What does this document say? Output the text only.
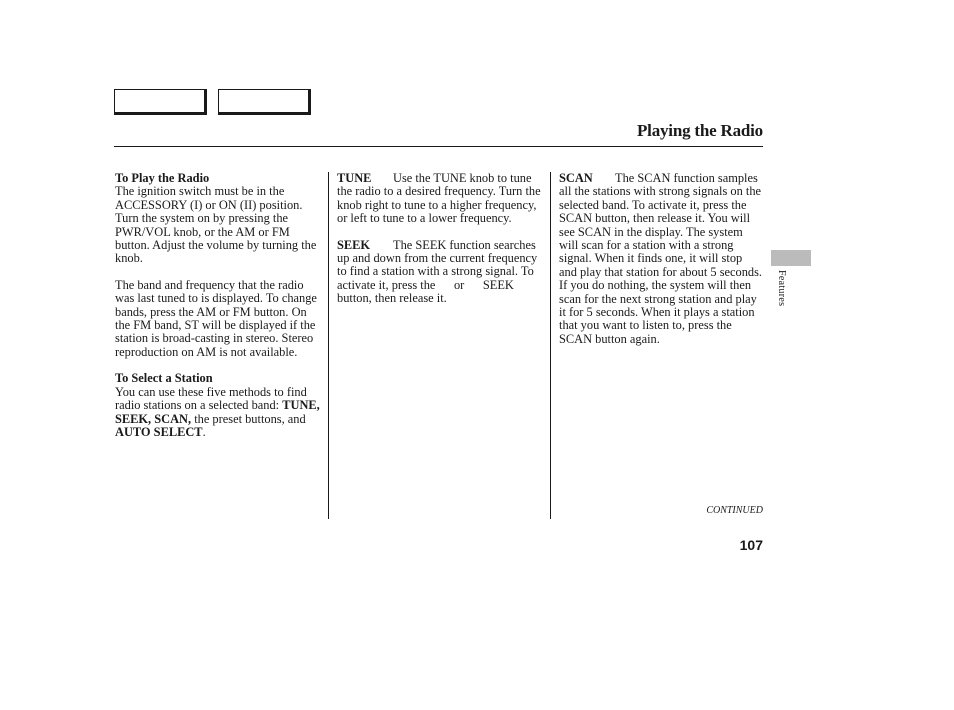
Playing the Radio

To Play the Radio
The ignition switch must be in the ACCESSORY (I) or ON (II) position. Turn the system on by pressing the PWR/VOL knob, or the AM or FM button. Adjust the volume by turning the knob.

The band and frequency that the radio was last tuned to is displayed. To change bands, press the AM or FM button. On the FM band, ST will be displayed if the station is broad-casting in stereo. Stereo reproduction on AM is not available.

To Select a Station
You can use these five methods to find radio stations on a selected band: TUNE, SEEK, SCAN, the preset buttons, and AUTO SELECT.

TUNE Use the TUNE knob to tune the radio to a desired frequency. Turn the knob right to tune to a higher frequency, or left to tune to a lower frequency.

SEEK The SEEK function searches up and down from the current frequency to find a station with a strong signal. To activate it, press the      or      SEEK button, then release it.

SCAN The SCAN function samples all the stations with strong signals on the selected band. To activate it, press the SCAN button, then release it. You will see SCAN in the display. The system will scan for a station with a strong signal. When it finds one, it will stop and play that station for about 5 seconds. If you do nothing, the system will then scan for the next strong station and play it for 5 seconds. When it plays a station that you want to listen to, press the SCAN button again.

Features
CONTINUED
107
